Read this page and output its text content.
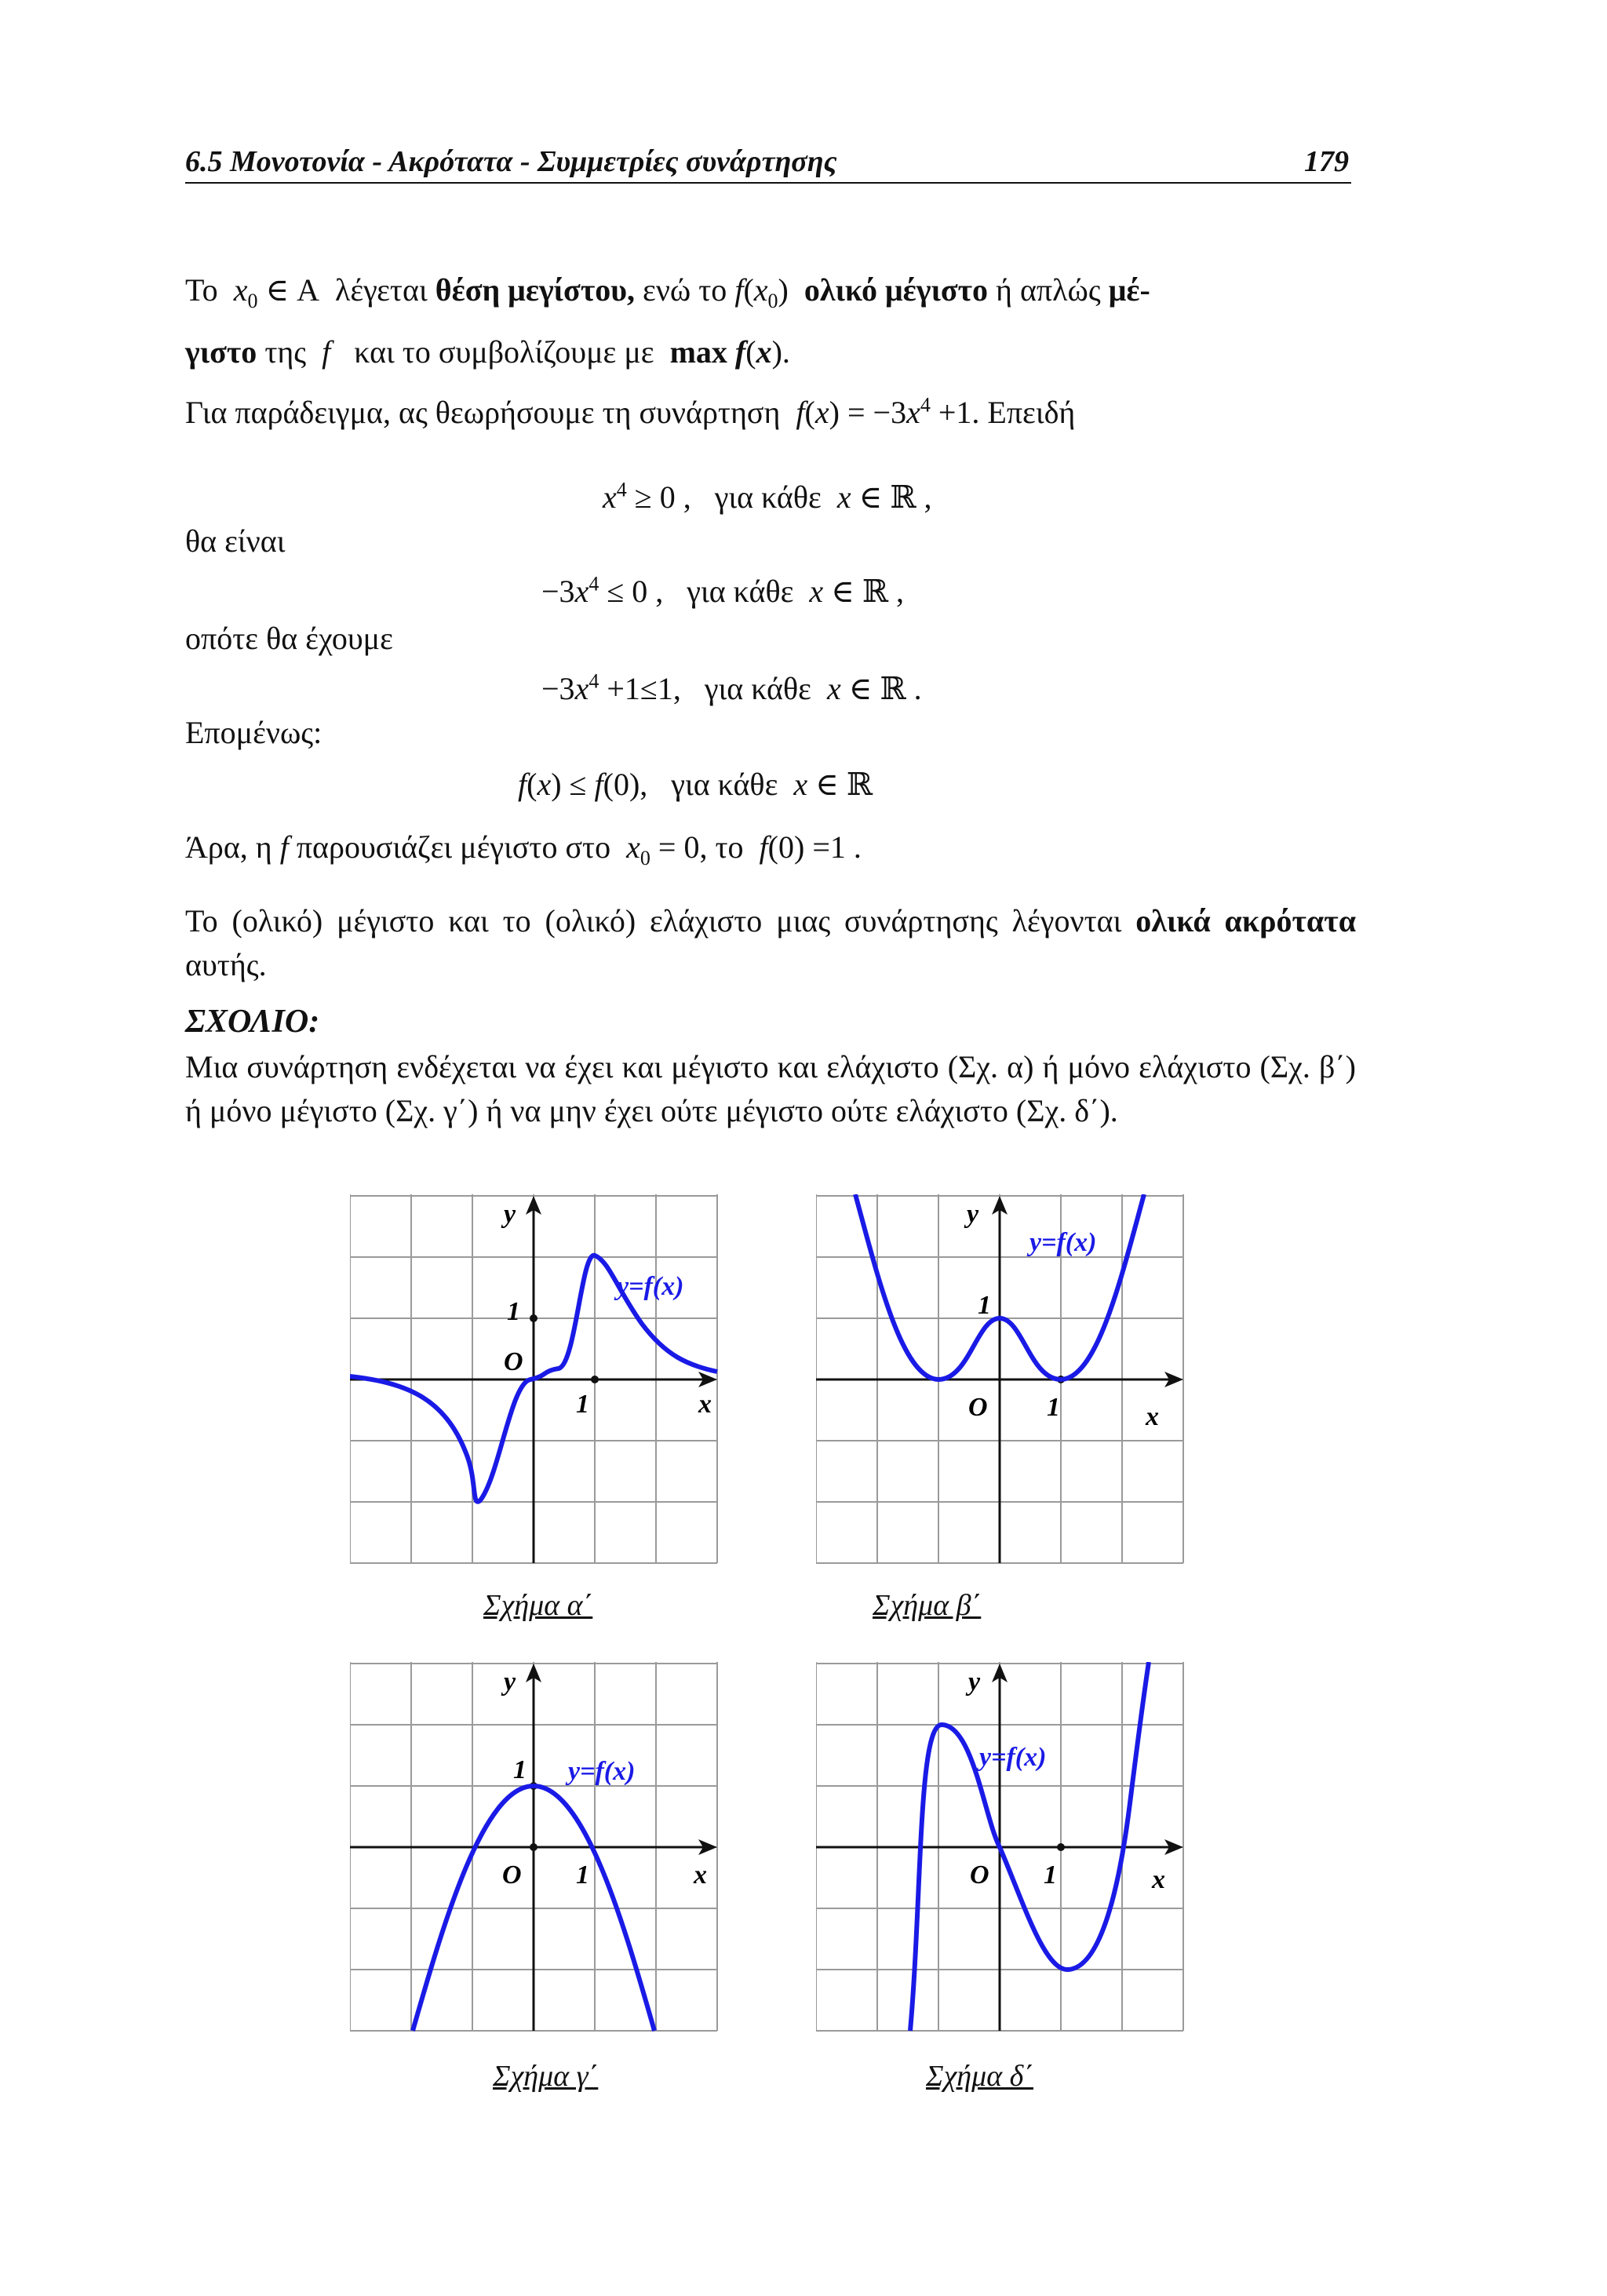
6.5 Μονοτονία - Ακρότατα - Συμμετρίες συνάρτησης	179
Το $x_0$ ∈ Α  λέγεται θέση μεγίστου, ενώ το $f(x_0)$  ολικό μέγιστο ή απλώς μέ-
γιστο της f και το συμβολίζουμε με max f(x).
Για παράδειγμα, ας θεωρήσουμε τη συνάρτηση $f(x) = -3x^4 +1$. Επειδή
$x^4 \ge 0$ ,   για κάθε x ∈ ℝ ,
θα είναι
$-3x^4 \le 0$ ,   για κάθε x ∈ ℝ ,
οπότε θα έχουμε
$-3x^4 +1\le 1$,   για κάθε x ∈ ℝ .
Επομένως:
f(x) ≤ f(0),   για κάθε x ∈ ℝ
Άρα, η f παρουσιάζει μέγιστο στο $x_0 = 0$, το f(0) =1 .
Το (ολικό) μέγιστο και το (ολικό) ελάχιστο μιας συνάρτησης λέγονται ολικά ακρότατα αυτής.
ΣΧΟΛΙΟ:
Μια συνάρτηση ενδέχεται να έχει και μέγιστο και ελάχιστο (Σχ. α) ή μόνο ελάχιστο (Σχ. β΄) ή μόνο μέγιστο (Σχ. γ΄) ή να μην έχει ούτε μέγιστο ούτε ελάχιστο (Σχ. δ΄).
y
x
1
O
1
y=f(x)
Σχήμα α΄
y
x
1
O 1
y=f(x)
Σχήμα β΄
y
x
1
O 1
y=f(x)
Σχήμα γ΄
y
x
O 1
y=f(x)
Σχήμα δ΄
